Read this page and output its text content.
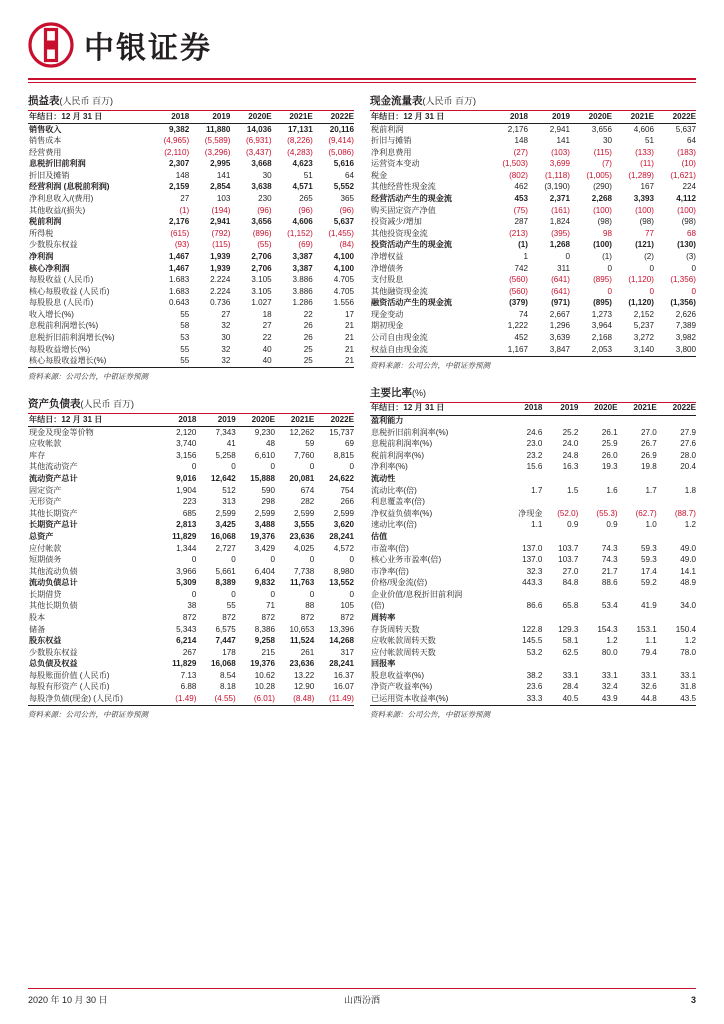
中银证券
损益表(人民币 百万)
年结日：12 月 31 日	2018	2019	2020E	2021E	2022E
销售收入	9,382	11,880	14,036	17,131	20,116
销售成本	(4,965)	(5,589)	(6,931)	(8,226)	(9,414)
经营费用	(2,110)	(3,296)	(3,437)	(4,283)	(5,086)
息税折旧前利润	2,307	2,995	3,668	4,623	5,616
折旧及摊销	148	141	30	51	64
经营利润 (息税前利润)	2,159	2,854	3,638	4,571	5,552
净利息收入/(费用)	27	103	230	265	365
其他收益/(损失)	(1)	(194)	(96)	(96)	(96)
税前利润	2,176	2,941	3,656	4,606	5,637
所得税	(615)	(792)	(896)	(1,152)	(1,455)
少数股东权益	(93)	(115)	(55)	(69)	(84)
净利润	1,467	1,939	2,706	3,387	4,100
核心净利润	1,467	1,939	2,706	3,387	4,100
每股收益 (人民币)	1.683	2.224	3.105	3.886	4.705
核心每股收益 (人民币)	1.683	2.224	3.105	3.886	4.705
每股股息 (人民币)	0.643	0.736	1.027	1.286	1.556
收入增长(%)	55	27	18	22	17
息税前利润增长(%)	58	32	27	26	21
息税折旧前利润增长(%)	53	30	22	26	21
每股收益增长(%)	55	32	40	25	21
核心每股收益增长(%)	55	32	40	25	21
资料来源：公司公告，中银证券预测
资产负债表(人民币 百万)
年结日：12 月 31 日	2018	2019	2020E	2021E	2022E
现金及现金等价物	2,120	7,343	9,230	12,262	15,737
应收帐款	3,740	41	48	59	69
库存	3,156	5,258	6,610	7,760	8,815
其他流动资产	0	0	0	0	0
流动资产总计	9,016	12,642	15,888	20,081	24,622
固定资产	1,904	512	590	674	754
无形资产	223	313	298	282	266
其他长期资产	685	2,599	2,599	2,599	2,599
长期资产总计	2,813	3,425	3,488	3,555	3,620
总资产	11,829	16,068	19,376	23,636	28,241
应付帐款	1,344	2,727	3,429	4,025	4,572
短期债务	0	0	0	0	0
其他流动负债	3,966	5,661	6,404	7,738	8,980
流动负债总计	5,309	8,389	9,832	11,763	13,552
长期借贷	0	0	0	0	0
其他长期负债	38	55	71	88	105
股本	872	872	872	872	872
储备	5,343	6,575	8,386	10,653	13,396
股东权益	6,214	7,447	9,258	11,524	14,268
少数股东权益	267	178	215	261	317
总负债及权益	11,829	16,068	19,376	23,636	28,241
每股账面价值 (人民币)	7.13	8.54	10.62	13.22	16.37
每股有形资产 (人民币)	6.88	8.18	10.28	12.90	16.07
每股净负债(现金) (人民币)	(1.49)	(4.55)	(6.01)	(8.48)	(11.49)
资料来源：公司公告，中银证券预测
现金流量表(人民币 百万)
年结日：12 月 31 日	2018	2019	2020E	2021E	2022E
税前利润	2,176	2,941	3,656	4,606	5,637
折旧与摊销	148	141	30	51	64
净利息费用	(27)	(103)	(115)	(133)	(183)
运营资本变动	(1,503)	3,699	(7)	(11)	(10)
税金	(802)	(1,118)	(1,005)	(1,289)	(1,621)
其他经营性现金流	462	(3,190)	(290)	167	224
经营活动产生的现金流	453	2,371	2,268	3,393	4,112
购买固定资产净值	(75)	(161)	(100)	(100)	(100)
投资减少/增加	287	1,824	(98)	(98)	(98)
其他投资现金流	(213)	(395)	98	77	68
投资活动产生的现金流	(1)	1,268	(100)	(121)	(130)
净增权益	1	0	(1)	(2)	(3)
净增债务	742	311	0	0	0
支付股息	(560)	(641)	(895)	(1,120)	(1,356)
其他融资现金流	(560)	(641)	0	0	0
融资活动产生的现金流	(379)	(971)	(895)	(1,120)	(1,356)
现金变动	74	2,667	1,273	2,152	2,626
期初现金	1,222	1,296	3,964	5,237	7,389
公司自由现金流	452	3,639	2,168	3,272	3,982
权益自由现金流	1,167	3,847	2,053	3,140	3,800
资料来源：公司公告，中银证券预测
主要比率(%)
年结日：12 月 31 日	2018	2019	2020E	2021E	2022E
盈利能力					
息税折旧前利润率(%)	24.6	25.2	26.1	27.0	27.9
息税前利润率(%)	23.0	24.0	25.9	26.7	27.6
税前利润率(%)	23.2	24.8	26.0	26.9	28.0
净利率(%)	15.6	16.3	19.3	19.8	20.4
流动性					
流动比率(倍)	1.7	1.5	1.6	1.7	1.8
利息覆盖率(倍)					
净权益负债率(%)	净现金	(52.0)	(55.3)	(62.7)	(88.7)
速动比率(倍)	1.1	0.9	0.9	1.0	1.2
估值					
市盈率(倍)	137.0	103.7	74.3	59.3	49.0
核心业务市盈率(倍)	137.0	103.7	74.3	59.3	49.0
市净率(倍)	32.3	27.0	21.7	17.4	14.1
价格/现金流(倍)	443.3	84.8	88.6	59.2	48.9
企业价值/息税折旧前利润					
(倍)	86.6	65.8	53.4	41.9	34.0
周转率					
存货周转天数	122.8	129.3	154.3	153.1	150.4
应收帐款周转天数	145.5	58.1	1.2	1.1	1.2
应付帐款周转天数	53.2	62.5	80.0	79.4	78.0
回报率					
股息收益率(%)	38.2	33.1	33.1	33.1	33.1
净资产收益率(%)	23.6	28.4	32.4	32.6	31.8
已运用资本收益率(%)	33.3	40.5	43.9	44.8	43.5
资料来源：公司公告，中银证券预测
2020 年 10 月 30 日	山西汾酒	3
